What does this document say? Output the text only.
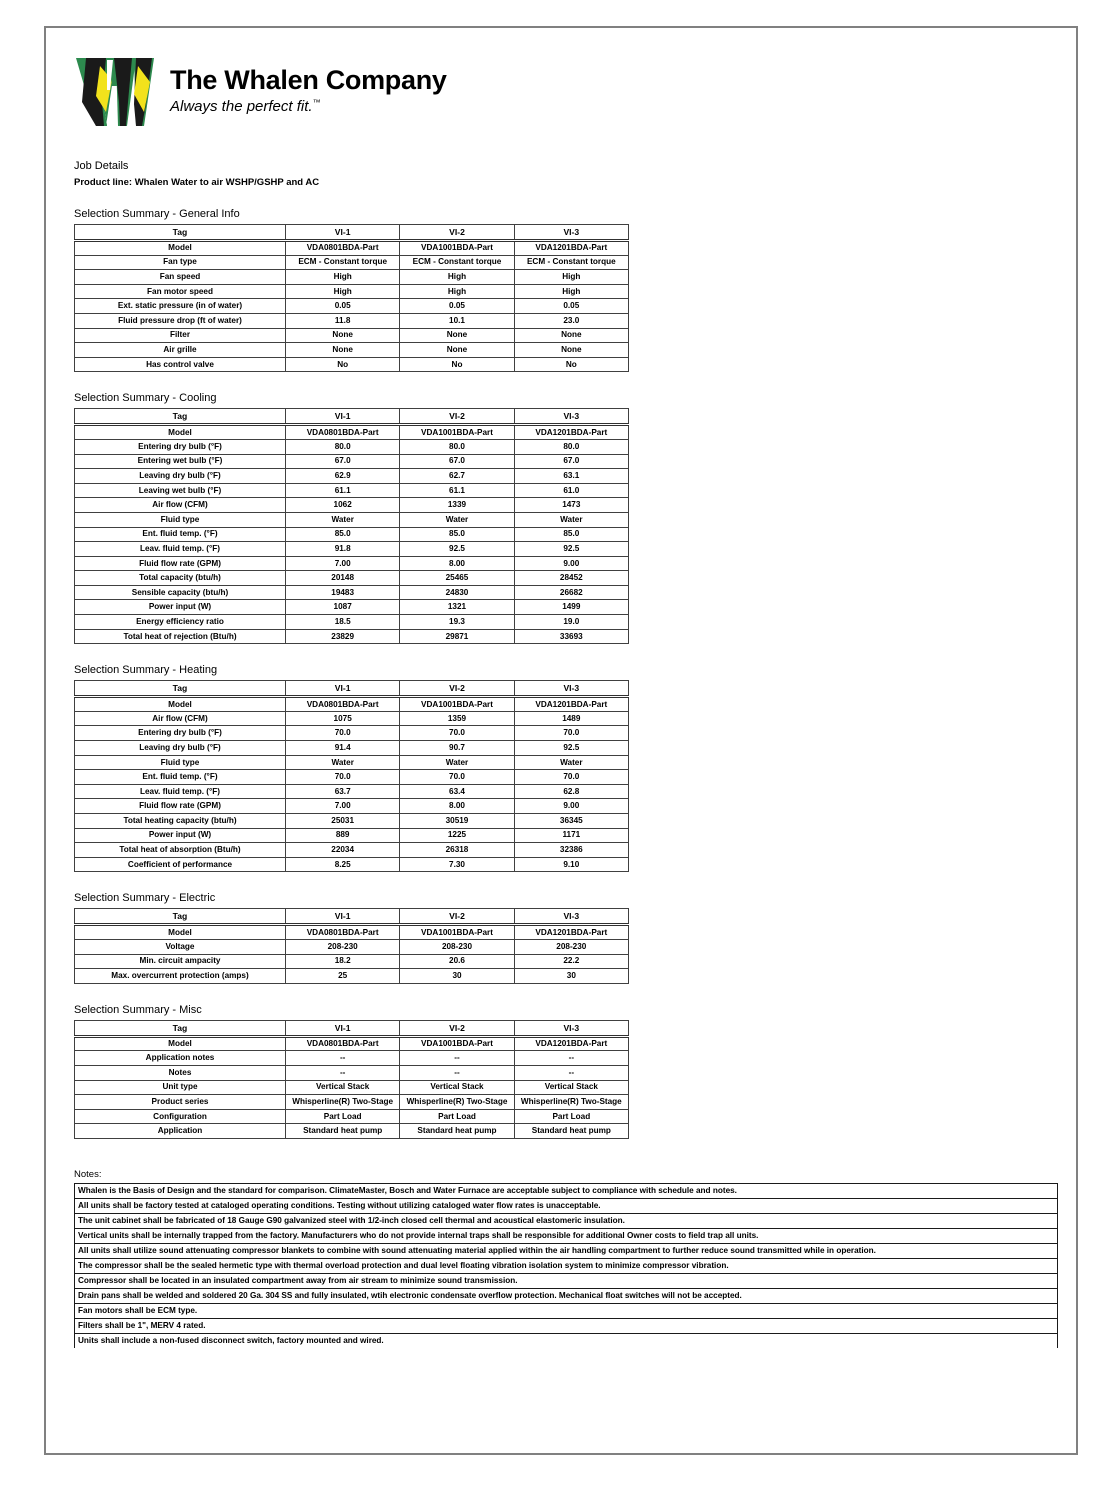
The Whalen Company
Always the perfect fit.™
Job Details
Product line: Whalen Water to air WSHP/GSHP and AC
Selection Summary - General Info
Tag	VI-1	VI-2	VI-3
Model	VDA0801BDA-Part	VDA1001BDA-Part	VDA1201BDA-Part
Fan type	ECM - Constant torque	ECM - Constant torque	ECM - Constant torque
Fan speed	High	High	High
Fan motor speed	High	High	High
Ext. static pressure (in of water)	0.05	0.05	0.05
Fluid pressure drop (ft of water)	11.8	10.1	23.0
Filter	None	None	None
Air grille	None	None	None
Has control valve	No	No	No
Selection Summary - Cooling
Tag	VI-1	VI-2	VI-3
Model	VDA0801BDA-Part	VDA1001BDA-Part	VDA1201BDA-Part
Entering dry bulb (°F)	80.0	80.0	80.0
Entering wet bulb (°F)	67.0	67.0	67.0
Leaving dry bulb (°F)	62.9	62.7	63.1
Leaving wet bulb (°F)	61.1	61.1	61.0
Air flow (CFM)	1062	1339	1473
Fluid type	Water	Water	Water
Ent. fluid temp. (°F)	85.0	85.0	85.0
Leav. fluid temp. (°F)	91.8	92.5	92.5
Fluid flow rate (GPM)	7.00	8.00	9.00
Total capacity (btu/h)	20148	25465	28452
Sensible capacity (btu/h)	19483	24830	26682
Power input (W)	1087	1321	1499
Energy efficiency ratio	18.5	19.3	19.0
Total heat of rejection (Btu/h)	23829	29871	33693
Selection Summary - Heating
Tag	VI-1	VI-2	VI-3
Model	VDA0801BDA-Part	VDA1001BDA-Part	VDA1201BDA-Part
Air flow (CFM)	1075	1359	1489
Entering dry bulb (°F)	70.0	70.0	70.0
Leaving dry bulb (°F)	91.4	90.7	92.5
Fluid type	Water	Water	Water
Ent. fluid temp. (°F)	70.0	70.0	70.0
Leav. fluid temp. (°F)	63.7	63.4	62.8
Fluid flow rate (GPM)	7.00	8.00	9.00
Total heating capacity (btu/h)	25031	30519	36345
Power input (W)	889	1225	1171
Total heat of absorption (Btu/h)	22034	26318	32386
Coefficient of performance	8.25	7.30	9.10
Selection Summary - Electric
Tag	VI-1	VI-2	VI-3
Model	VDA0801BDA-Part	VDA1001BDA-Part	VDA1201BDA-Part
Voltage	208-230	208-230	208-230
Min. circuit ampacity	18.2	20.6	22.2
Max. overcurrent protection (amps)	25	30	30
Selection Summary - Misc
Tag	VI-1	VI-2	VI-3
Model	VDA0801BDA-Part	VDA1001BDA-Part	VDA1201BDA-Part
Application notes	--	--	--
Notes	--	--	--
Unit type	Vertical Stack	Vertical Stack	Vertical Stack
Product series	Whisperline(R) Two-Stage	Whisperline(R) Two-Stage	Whisperline(R) Two-Stage
Configuration	Part Load	Part Load	Part Load
Application	Standard heat pump	Standard heat pump	Standard heat pump
Notes:
Whalen is the Basis of Design and the standard for comparison. ClimateMaster, Bosch and Water Furnace are acceptable subject to compliance with schedule and notes.
All units shall be factory tested at cataloged operating conditions. Testing without utilizing cataloged water flow rates is unacceptable.
The unit cabinet shall be fabricated of 18 Gauge G90 galvanized steel with 1/2-inch closed cell thermal and acoustical elastomeric insulation.
Vertical units shall be internally trapped from the factory. Manufacturers who do not provide internal traps shall be responsible for additional Owner costs to field trap all units.
All units shall utilize sound attenuating compressor blankets to combine with sound attenuating material applied within the air handling compartment to further reduce sound transmitted while in operation.
The compressor shall be the sealed hermetic type with thermal overload protection and dual level floating vibration isolation system to minimize compressor vibration.
Compressor shall be located in an insulated compartment away from air stream to minimize sound transmission.
Drain pans shall be welded and soldered 20 Ga. 304 SS and fully insulated, wtih electronic condensate overflow protection. Mechanical float switches will not be accepted.
Fan motors shall be ECM type.
Filters shall be 1", MERV 4 rated.
Units shall include a non-fused disconnect switch, factory mounted and wired.
